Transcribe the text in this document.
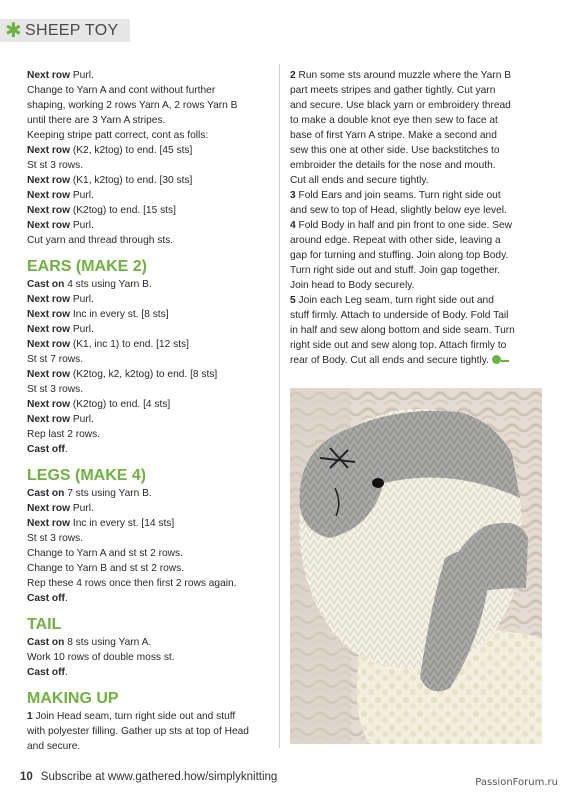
✱ SHEEP TOY
Next row Purl.
Change to Yarn A and cont without further
shaping, working 2 rows Yarn A, 2 rows Yarn B
until there are 3 Yarn A stripes.
Keeping stripe patt correct, cont as folls:
Next row (K2, k2tog) to end. [45 sts]
St st 3 rows.
Next row (K1, k2tog) to end. [30 sts]
Next row Purl.
Next row (K2tog) to end. [15 sts]
Next row Purl.
Cut yarn and thread through sts.
EARS (MAKE 2)
Cast on 4 sts using Yarn B.
Next row Purl.
Next row Inc in every st. [8 sts]
Next row Purl.
Next row (K1, inc 1) to end. [12 sts]
St st 7 rows.
Next row (K2tog, k2, k2tog) to end. [8 sts]
St st 3 rows.
Next row (K2tog) to end. [4 sts]
Next row Purl.
Rep last 2 rows.
Cast off.
LEGS (MAKE 4)
Cast on 7 sts using Yarn B.
Next row Purl.
Next row Inc in every st. [14 sts]
St st 3 rows.
Change to Yarn A and st st 2 rows.
Change to Yarn B and st st 2 rows.
Rep these 4 rows once then first 2 rows again.
Cast off.
TAIL
Cast on 8 sts using Yarn A.
Work 10 rows of double moss st.
Cast off.
MAKING UP
1 Join Head seam, turn right side out and stuff
with polyester filling. Gather up sts at top of Head
and secure.
2 Run some sts around muzzle where the Yarn B
part meets stripes and gather tightly. Cut yarn
and secure. Use black yarn or embroidery thread
to make a double knot eye then sew to face at
base of first Yarn A stripe. Make a second and
sew this one at other side. Use backstitches to
embroider the details for the nose and mouth.
Cut all ends and secure tightly.
3 Fold Ears and join seams. Turn right side out
and sew to top of Head, slightly below eye level.
4 Fold Body in half and pin front to one side. Sew
around edge. Repeat with other side, leaving a
gap for turning and stuffing. Join along top Body.
Turn right side out and stuff. Join gap together.
Join head to Body securely.
5 Join each Leg seam, turn right side out and
stuff firmly. Attach to underside of Body. Fold Tail
in half and sew along bottom and side seam. Turn
right side out and sew along top. Attach firmly to
rear of Body. Cut all ends and secure tightly.
10 Subscribe at www.gathered.how/simplyknitting	PassionForum.ru
